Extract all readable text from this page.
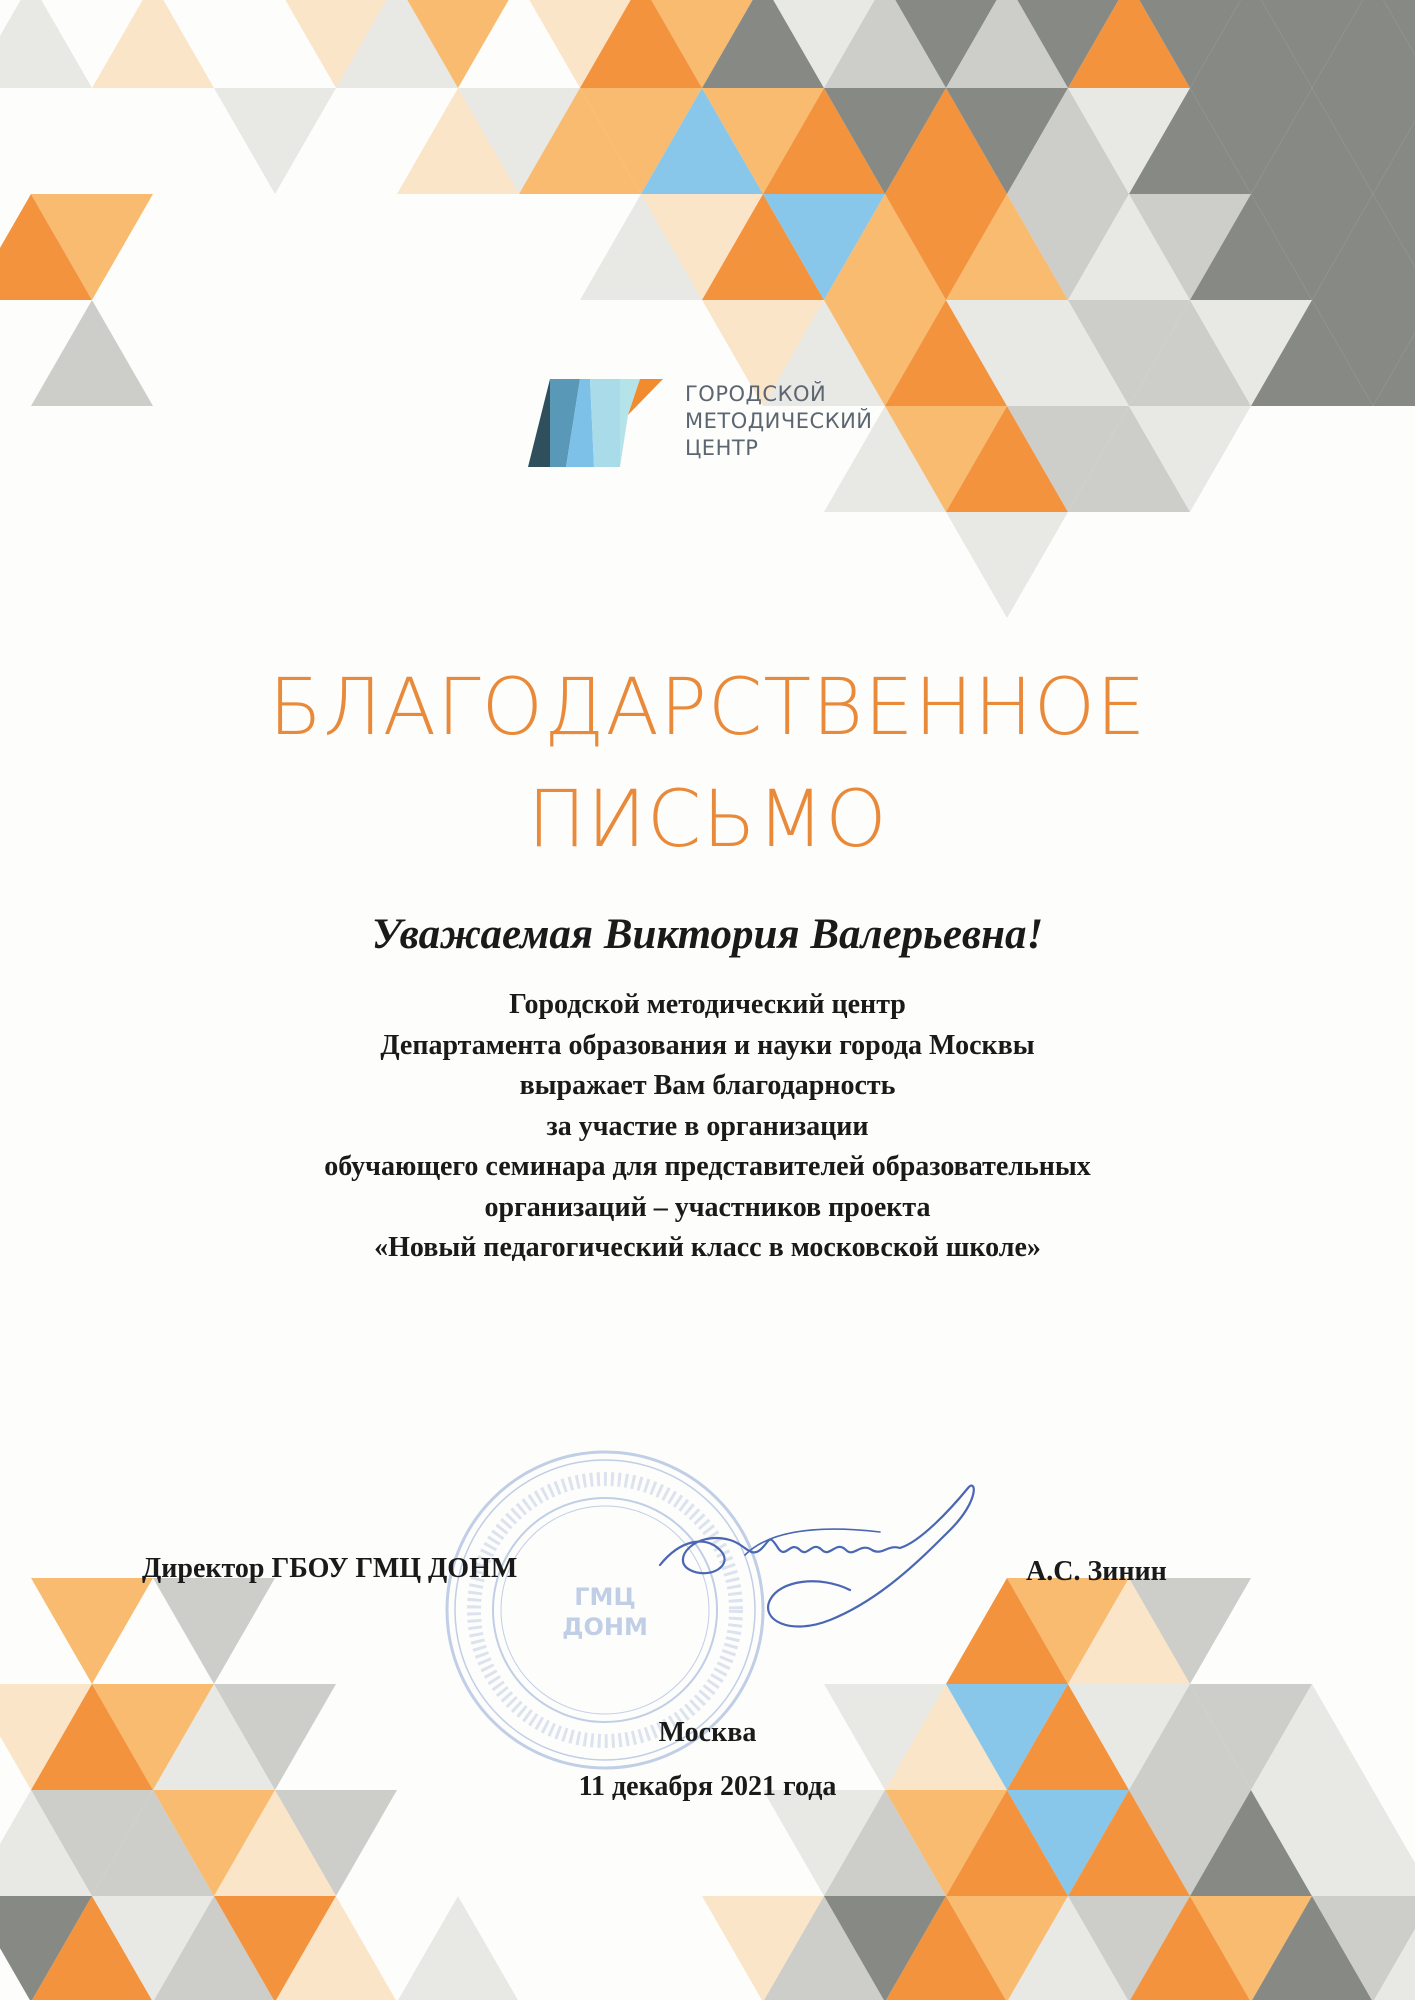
ГМЦ
ДОНМ
ГОРОДСКОЙ
МЕТОДИЧЕСКИЙ
ЦЕНТР
БЛАГОДАРСТВЕННОЕ
ПИСЬМО
Уважаемая Виктория Валерьевна!
Городской методический центр
Департамента образования и науки города Москвы
выражает Вам благодарность
за участие в организации
обучающего семинара для представителей образовательных
организаций – участников проекта
«Новый педагогический класс в московской школе»
Директор ГБОУ ГМЦ ДОНМ	А.С. Зинин
Москва
11 декабря 2021 года
